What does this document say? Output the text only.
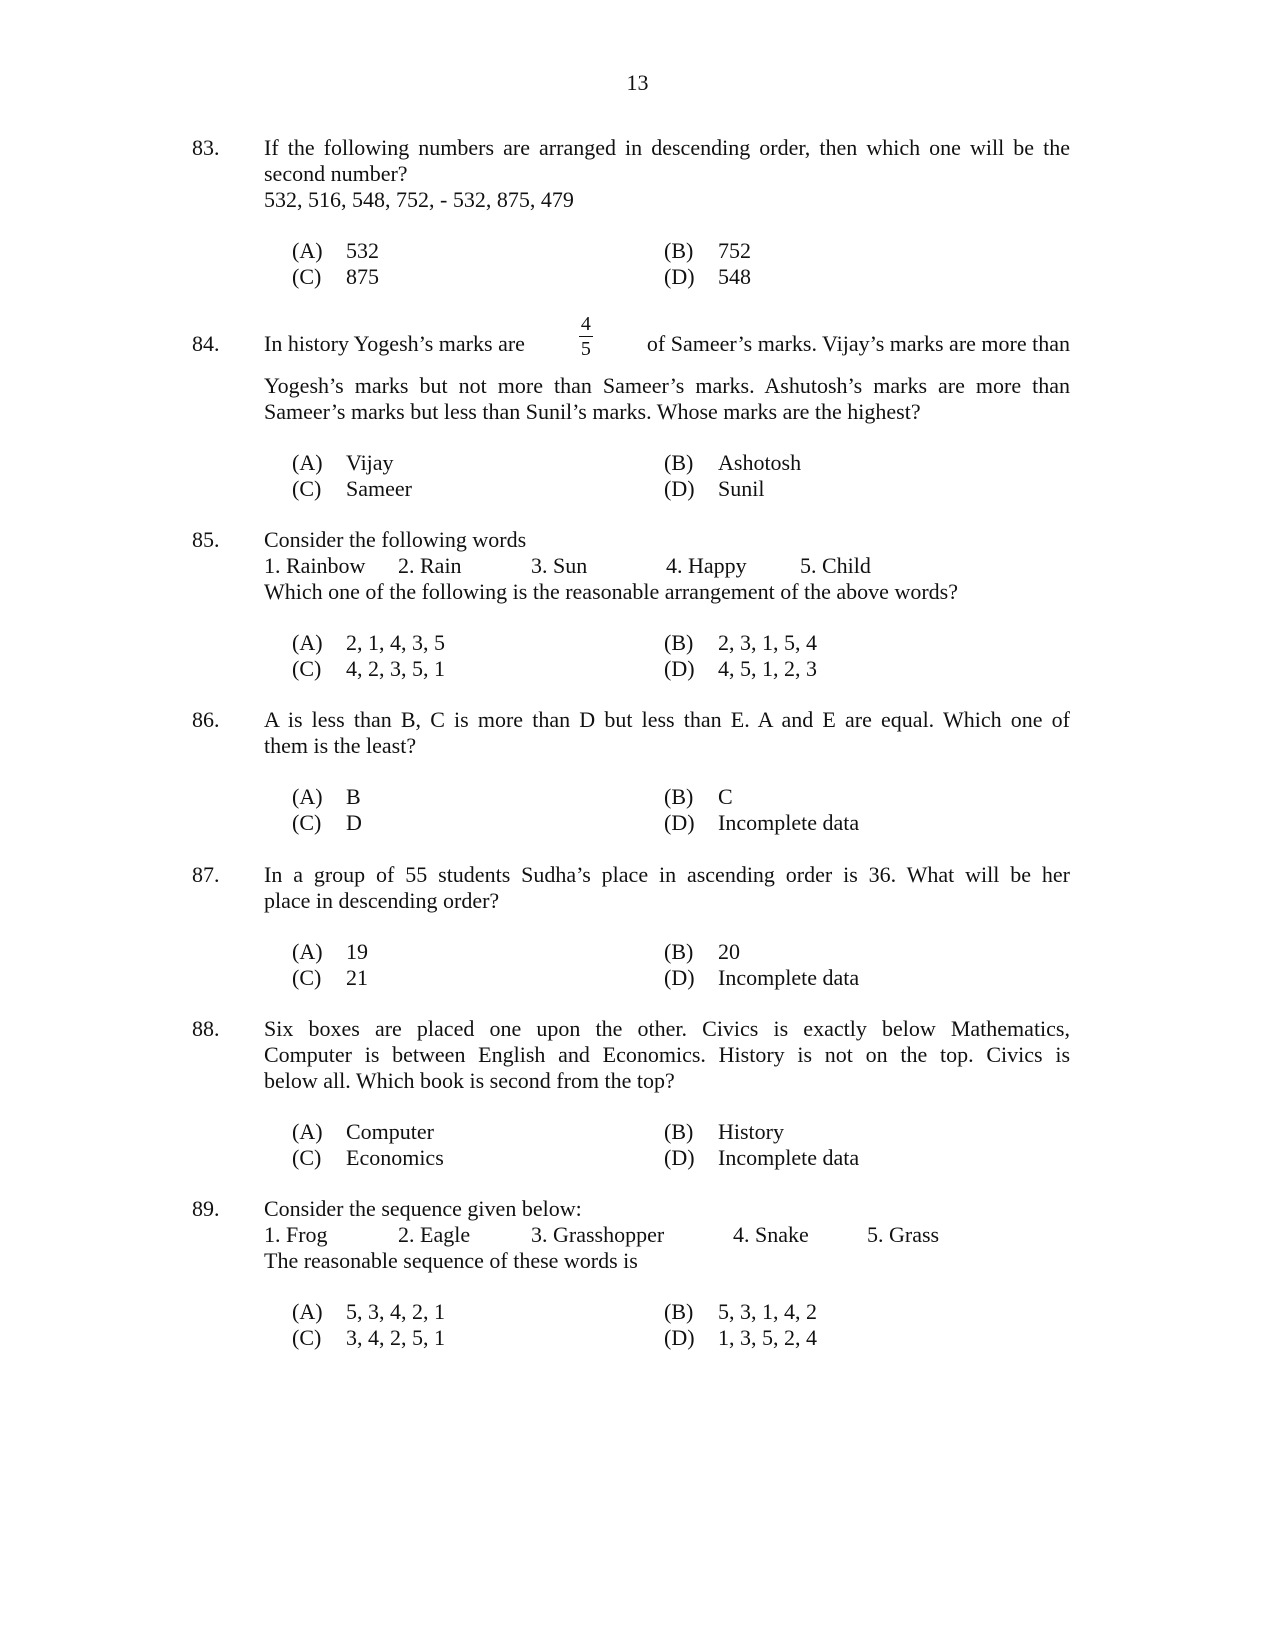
13
83.	If the following numbers are arranged in descending order, then which one will be the
second number?
532, 516, 548, 752, - 532, 875, 479
(A) 532	(B) 752
(C) 875	(D) 548
84.	In history Yogesh’s marks are	$\frac{4}{5}$ of Sameer’s marks. Vijay’s marks are more than
Yogesh’s marks but not more than Sameer’s marks. Ashutosh’s marks are more than
Sameer’s marks but less than Sunil’s marks. Whose marks are the highest?
(A) Vijay	(B) Ashotosh
(C) Sameer	(D) Sunil
85.	Consider the following words
1. Rainbow 2. Rain	3. Sun	4. Happy 5. Child
Which one of the following is the reasonable arrangement of the above words?
(A) 2, 1, 4, 3, 5	(B) 2, 3, 1, 5, 4
(C) 4, 2, 3, 5, 1	(D) 4, 5, 1, 2, 3
86.	A is less than B, C is more than D but less than E. A and E are equal. Which one of
them is the least?
(A) B	(B) C
(C) D	(D) Incomplete data
87.	In a group of 55 students Sudha’s place in ascending order is 36. What will be her
place in descending order?
(A) 19	(B) 20
(C) 21	(D) Incomplete data
88.	Six boxes are placed one upon the other. Civics is exactly below Mathematics,
Computer is between English and Economics. History is not on the top. Civics is
below all. Which book is second from the top?
(A) Computer	(B) History
(C) Economics	(D) Incomplete data
89.	Consider the sequence given below:
1. Frog	2. Eagle	3. Grasshopper	4. Snake	5. Grass
The reasonable sequence of these words is
(A) 5, 3, 4, 2, 1	(B) 5, 3, 1, 4, 2
(C) 3, 4, 2, 5, 1	(D) 1, 3, 5, 2, 4
